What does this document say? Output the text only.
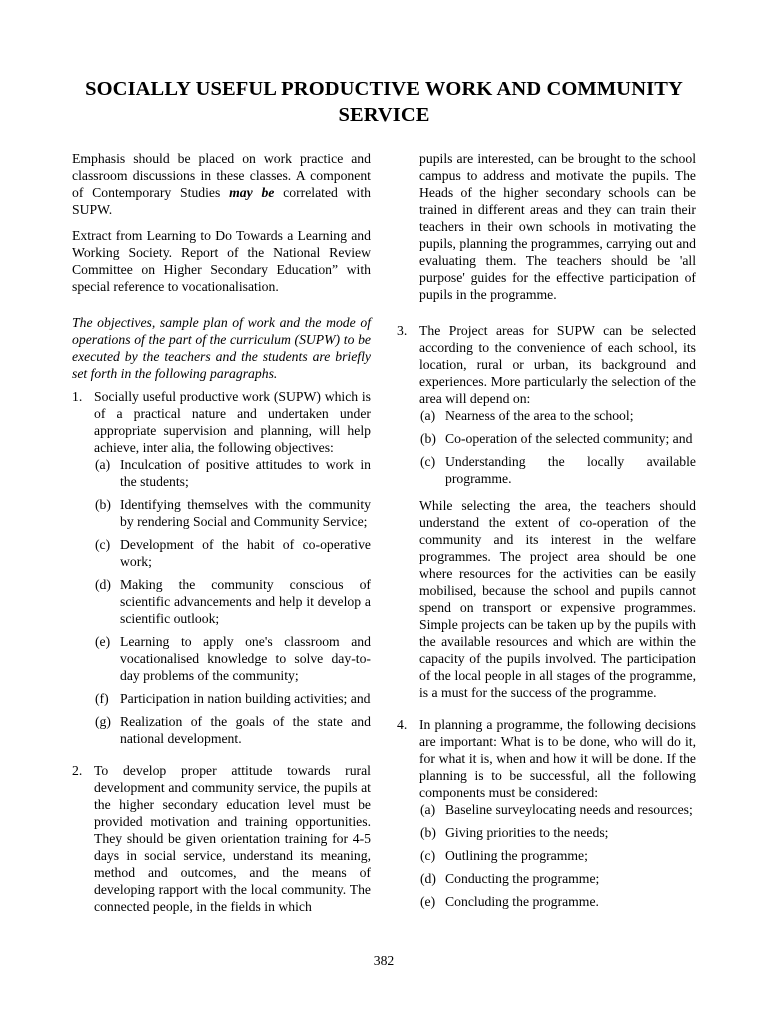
SOCIALLY USEFUL PRODUCTIVE WORK AND COMMUNITY SERVICE

Emphasis should be placed on work practice and classroom discussions in these classes. A component of Contemporary Studies may be correlated with SUPW.

Extract from Learning to Do Towards a Learning and Working Society. Report of the National Review Committee on Higher Secondary Education” with special reference to vocationalisation.

The objectives, sample plan of work and the mode of operations of the part of the curriculum (SUPW) to be executed by the teachers and the students are briefly set forth in the following paragraphs.

1. Socially useful productive work (SUPW) which is of a practical nature and undertaken under appropriate supervision and planning, will help achieve, inter alia, the following objectives:

(a) Inculcation of positive attitudes to work in the students;
(b) Identifying themselves with the community by rendering Social and Community Service;
(c) Development of the habit of co-operative work;
(d) Making the community conscious of scientific advancements and help it develop a scientific outlook;
(e) Learning to apply one's classroom and vocationalised knowledge to solve day-to-day problems of the community;
(f) Participation in nation building activities; and
(g) Realization of the goals of the state and national development.
2. To develop proper attitude towards rural development and community service, the pupils at the higher secondary education level must be provided motivation and training opportunities. They should be given orientation training for 4-5 days in social service, understand its meaning, method and outcomes, and the means of developing rapport with the local community. The connected people, in the fields in which

pupils are interested, can be brought to the school campus to address and motivate the pupils. The Heads of the higher secondary schools can be trained in different areas and they can train their teachers in their own schools in motivating the pupils, planning the programmes, carrying out and evaluating them. The teachers should be 'all purpose' guides for the effective participation of pupils in the programme.

3. The Project areas for SUPW can be selected according to the convenience of each school, its location, rural or urban, its background and experiences. More particularly the selection of the area will depend on:

(a) Nearness of the area to the school;
(b) Co-operation of the selected community; and
(c) Understanding the locally available programme.

While selecting the area, the teachers should understand the extent of co-operation of the community and its interest in the welfare programmes. The project area should be one where resources for the activities can be easily mobilised, because the school and pupils cannot spend on transport or expensive programmes. Simple projects can be taken up by the pupils with the available resources and which are within the capacity of the pupils involved. The participation of the local people in all stages of the programme, is a must for the success of the programme.

4. In planning a programme, the following decisions are important: What is to be done, who will do it, for what it is, when and how it will be done. If the planning is to be successful, all the following components must be considered:

(a) Baseline surveylocating needs and resources;
(b) Giving priorities to the needs;
(c) Outlining the programme;
(d) Conducting the programme;
(e) Concluding the programme.
382
